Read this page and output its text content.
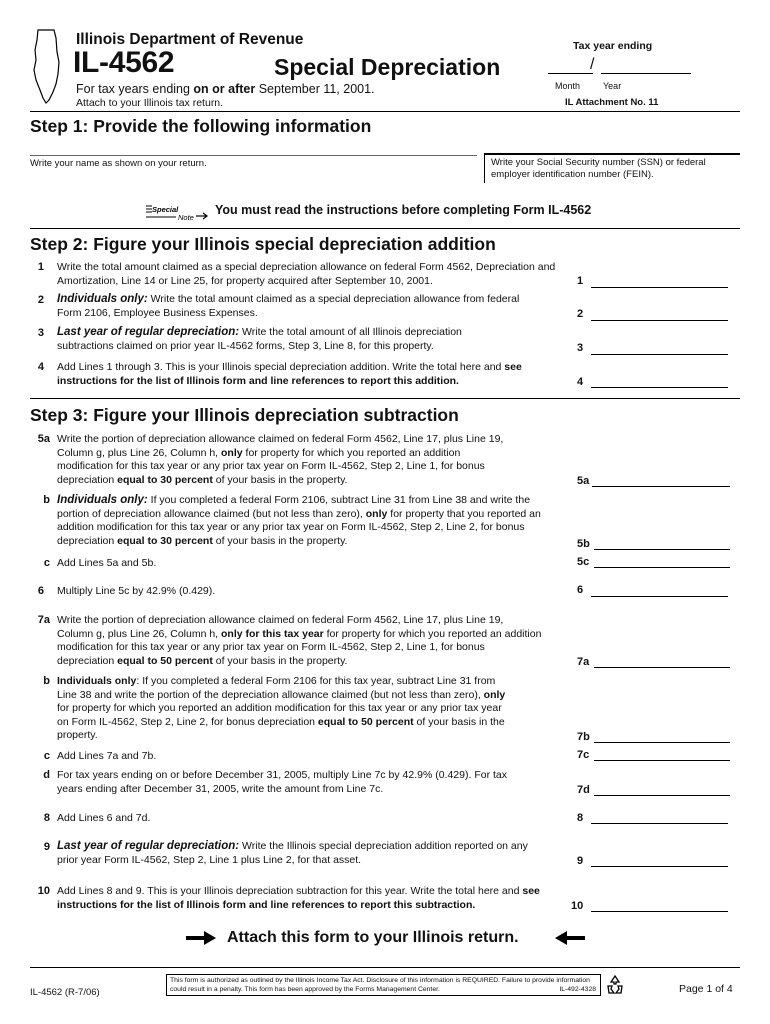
Illinois Department of Revenue
IL-4562	Special Depreciation
For tax years ending on or after September 11, 2001.
Attach to your Illinois tax return.
Tax year ending
/
Month	Year
IL Attachment No. 11
Step 1: Provide the following information
Write your name as shown on your return.	Write your Social Security number (SSN) or federal employer identification number (FEIN).
Special
Note
You must read the instructions before completing Form IL-4562
Step 2: Figure your Illinois special depreciation addition
1 Write the total amount claimed as a special depreciation allowance on federal Form 4562, Depreciation and Amortization, Line 14 or Line 25, for property acquired after September 10, 2001.	1
2 Individuals only: Write the total amount claimed as a special depreciation allowance from federal Form 2106, Employee Business Expenses.	2
3 Last year of regular depreciation: Write the total amount of all Illinois depreciation subtractions claimed on prior year IL-4562 forms, Step 3, Line 8, for this property.	3
4 Add Lines 1 through 3. This is your Illinois special depreciation addition. Write the total here and see instructions for the list of Illinois form and line references to report this addition.	4
Step 3: Figure your Illinois depreciation subtraction
5a Write the portion of depreciation allowance claimed on federal Form 4562, Line 17, plus Line 19, Column g, plus Line 26, Column h, only for property for which you reported an addition modification for this tax year or any prior tax year on Form IL-4562, Step 2, Line 1, for bonus depreciation equal to 30 percent of your basis in the property.	5a
b Individuals only: If you completed a federal Form 2106, subtract Line 31 from Line 38 and write the portion of depreciation allowance claimed (but not less than zero), only for property that you reported an addition modification for this tax year or any prior tax year on Form IL-4562, Step 2, Line 2, for bonus depreciation equal to 30 percent of your basis in the property.	5b
c Add Lines 5a and 5b.	5c
6 Multiply Line 5c by 42.9% (0.429).	6
7a Write the portion of depreciation allowance claimed on federal Form 4562, Line 17, plus Line 19, Column g, plus Line 26, Column h, only for this tax year for property for which you reported an addition modification for this tax year or any prior tax year on Form IL-4562, Step 2, Line 1, for bonus depreciation equal to 50 percent of your basis in the property.	7a
b Individuals only: If you completed a federal Form 2106 for this tax year, subtract Line 31 from Line 38 and write the portion of the depreciation allowance claimed (but not less than zero), only for property for which you reported an addition modification for this tax year or any prior tax year on Form IL-4562, Step 2, Line 2, for bonus depreciation equal to 50 percent of your basis in the property.	7b
c Add Lines 7a and 7b.	7c
d For tax years ending on or before December 31, 2005, multiply Line 7c by 42.9% (0.429). For tax years ending after December 31, 2005, write the amount from Line 7c.	7d
8 Add Lines 6 and 7d.	8
9 Last year of regular depreciation: Write the Illinois special depreciation addition reported on any prior year Form IL-4562, Step 2, Line 1 plus Line 2, for that asset.	9
10 Add Lines 8 and 9. This is your Illinois depreciation subtraction for this year. Write the total here and see instructions for the list of Illinois form and line references to report this subtraction.	10
Attach this form to your Illinois return.
IL-4562 (R-7/06)
This form is authorized as outlined by the Illinois Income Tax Act. Disclosure of this information is REQUIRED. Failure to provide information could result in a penalty. This form has been approved by the Forms Management Center.	IL-492-4328	Page 1 of 4
